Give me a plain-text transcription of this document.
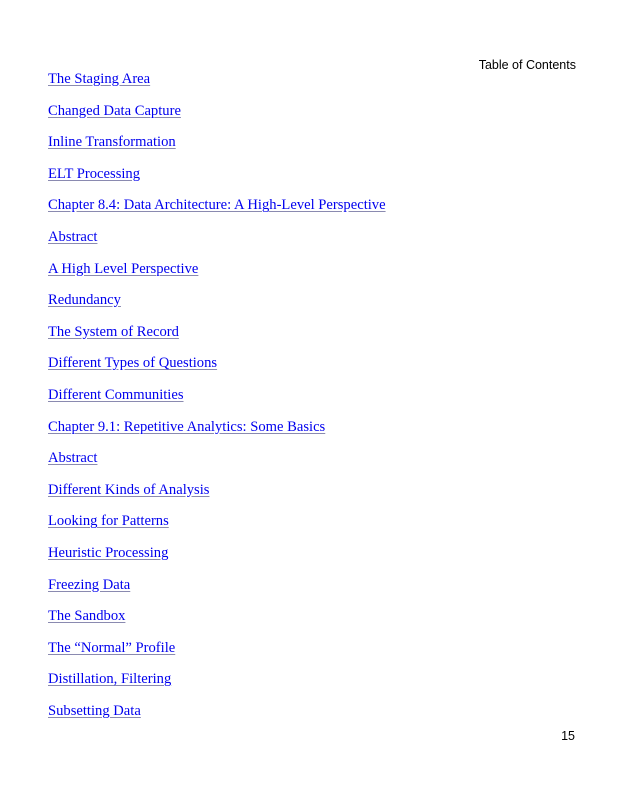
Table of Contents
The Staging Area
Changed Data Capture
Inline Transformation
ELT Processing
Chapter 8.4: Data Architecture: A High-Level Perspective
Abstract
A High Level Perspective
Redundancy
The System of Record
Different Types of Questions
Different Communities
Chapter 9.1: Repetitive Analytics: Some Basics
Abstract
Different Kinds of Analysis
Looking for Patterns
Heuristic Processing
Freezing Data
The Sandbox
The “Normal” Profile
Distillation, Filtering
Subsetting Data
15
